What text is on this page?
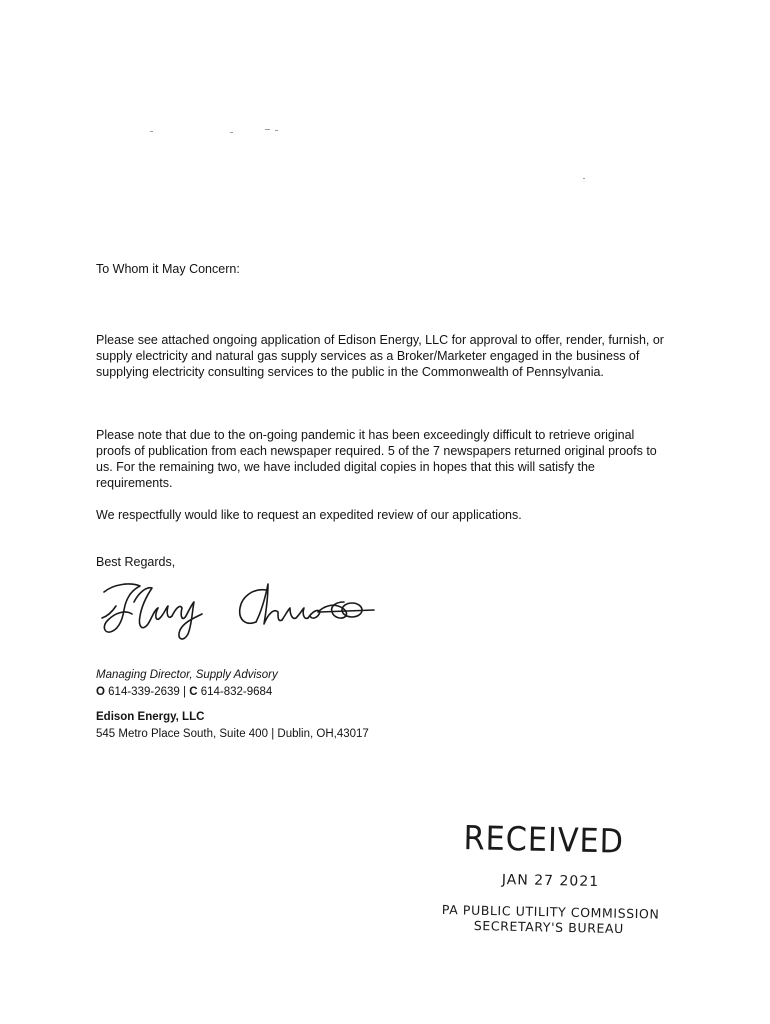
To Whom it May Concern:

Please see attached ongoing application of Edison Energy, LLC for approval to offer, render, furnish, or supply electricity and natural gas supply services as a Broker/Marketer engaged in the business of supplying electricity consulting services to the public in the Commonwealth of Pennsylvania.

Please note that due to the on-going pandemic it has been exceedingly difficult to retrieve original proofs of publication from each newspaper required. 5 of the 7 newspapers returned original proofs to us. For the remaining two, we have included digital copies in hopes that this will satisfy the requirements.

We respectfully would like to request an expedited review of our applications.

Best Regards,

Managing Director, Supply Advisory
O 614-339-2639 | C 614-832-9684
Edison Energy, LLC
545 Metro Place South, Suite 400 | Dublin, OH,43017
RECEIVED
JAN 27 2021
PA PUBLIC UTILITY COMMISSION
SECRETARY'S BUREAU
